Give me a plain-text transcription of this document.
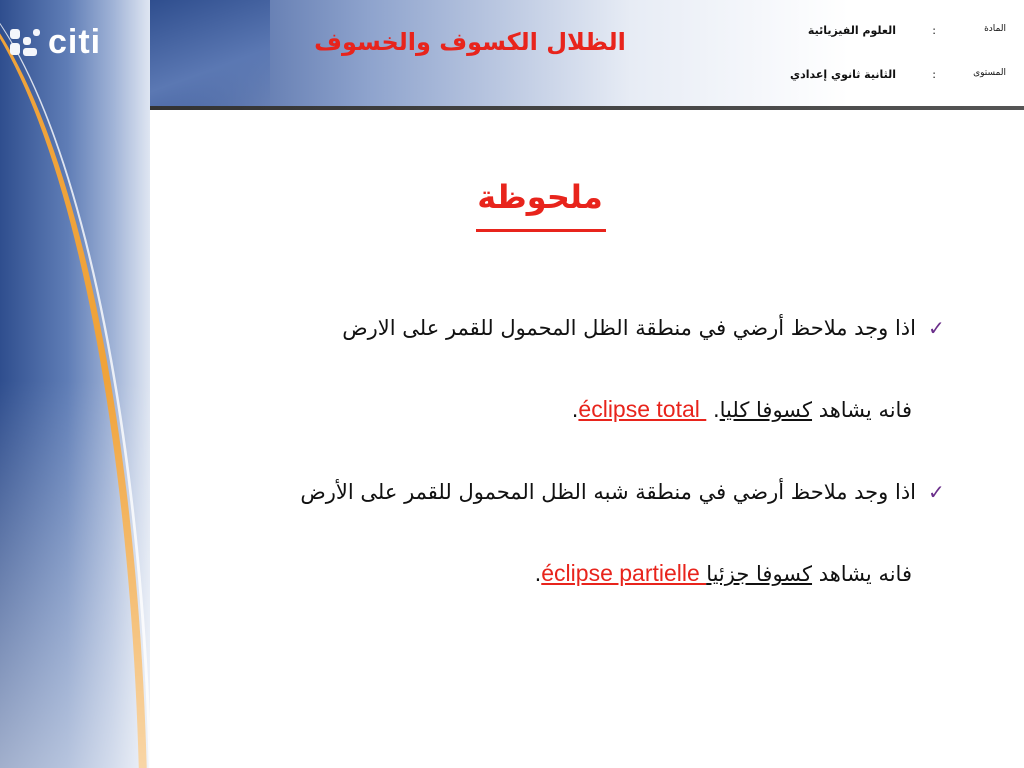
citi	الظلال الكسوف والخسوف	المادة
:
العلوم الفيزيائية
المستوى
:
الثانية ثانوي إعدادي
ملحوظة
✓
اذا وجد ملاحظ أرضي في منطقة الظل المحمول للقمر على الارض
فانه يشاهد كسوفا كليا. éclipse total .
✓
اذا وجد ملاحظ أرضي في منطقة شبه الظل المحمول للقمر على الأرض
فانه يشاهد كسوفا جزئياéclipse partielle .
